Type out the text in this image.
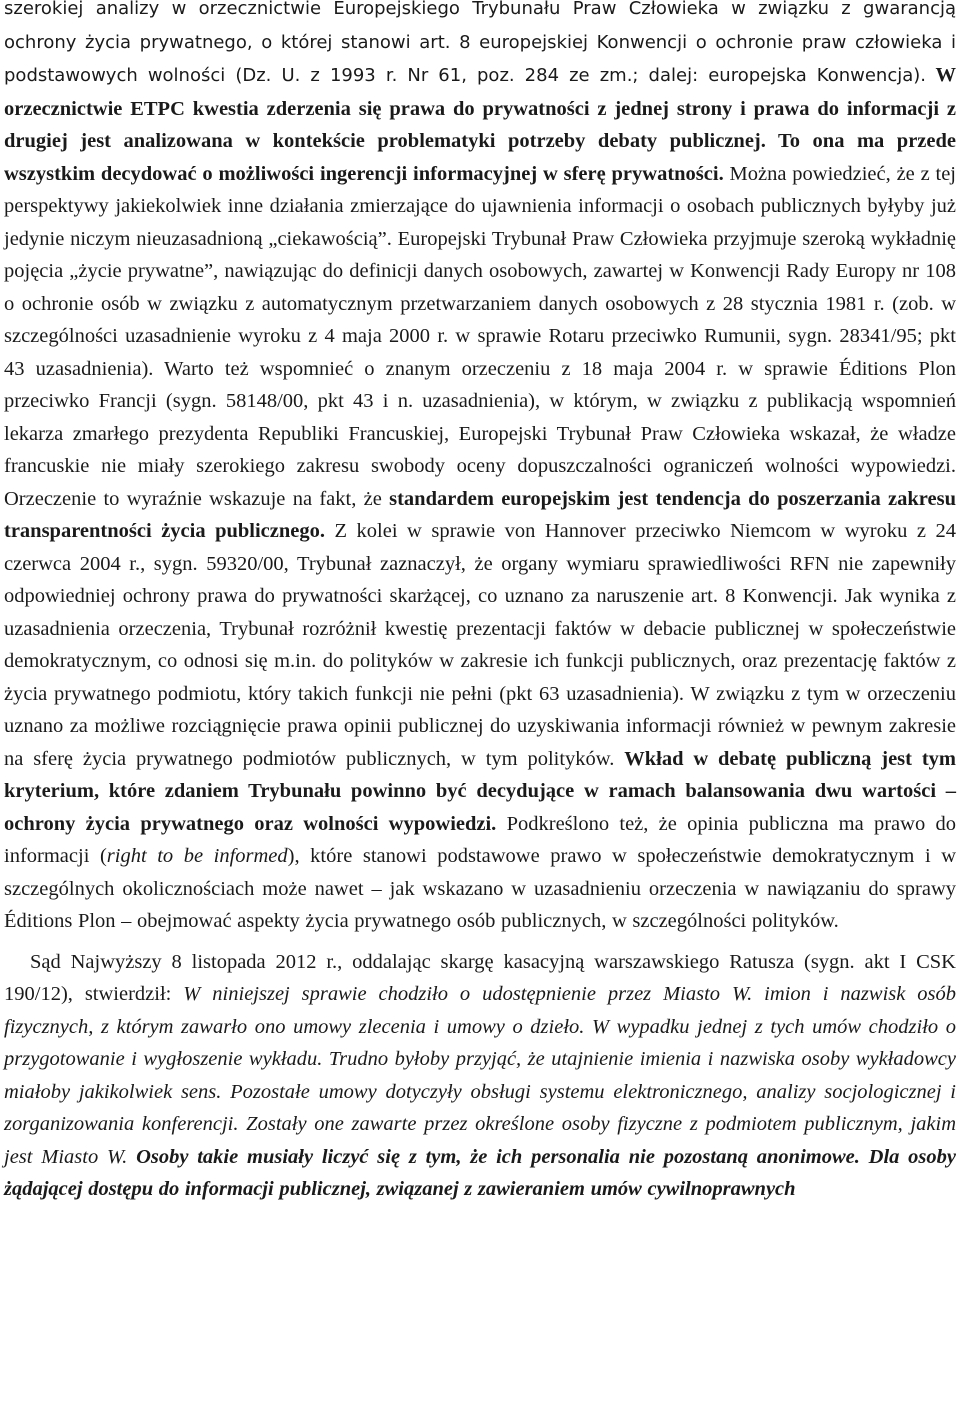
szerokiej analizy w orzecznictwie Europejskiego Trybunału Praw Człowieka w związku z gwarancją ochrony życia prywatnego, o której stanowi art. 8 europejskiej Konwencji o ochronie praw człowieka i podstawowych wolności (Dz. U. z 1993 r. Nr 61, poz. 284 ze zm.; dalej: europejska Konwencja). W orzecznictwie ETPC kwestia zderzenia się prawa do prywatności z jednej strony i prawa do informacji z drugiej jest analizowana w kontekście problematyki potrzeby debaty publicznej. To ona ma przede wszystkim decydować o możliwości ingerencji informacyjnej w sferę prywatności. Można powiedzieć, że z tej perspektywy jakiekolwiek inne działania zmierzające do ujawnienia informacji o osobach publicznych byłyby już jedynie niczym nieuzasadnioną „ciekawością”. Europejski Trybunał Praw Człowieka przyjmuje szeroką wykładnię pojęcia „życie prywatne”, nawiązując do definicji danych osobowych, zawartej w Konwencji Rady Europy nr 108 o ochronie osób w związku z automatycznym przetwarzaniem danych osobowych z 28 stycznia 1981 r. (zob. w szczególności uzasadnienie wyroku z 4 maja 2000 r. w sprawie Rotaru przeciwko Rumunii, sygn. 28341/95; pkt 43 uzasadnienia). Warto też wspomnieć o znanym orzeczeniu z 18 maja 2004 r. w sprawie Éditions Plon przeciwko Francji (sygn. 58148/00, pkt 43 i n. uzasadnienia), w którym, w związku z publikacją wspomnień lekarza zmarłego prezydenta Republiki Francuskiej, Europejski Trybunał Praw Człowieka wskazał, że władze francuskie nie miały szerokiego zakresu swobody oceny dopuszczalności ograniczeń wolności wypowiedzi. Orzeczenie to wyraźnie wskazuje na fakt, że standardem europejskim jest tendencja do poszerzania zakresu transparentności życia publicznego. Z kolei w sprawie von Hannover przeciwko Niemcom w wyroku z 24 czerwca 2004 r., sygn. 59320/00, Trybunał zaznaczył, że organy wymiaru sprawiedliwości RFN nie zapewniły odpowiedniej ochrony prawa do prywatności skarżącej, co uznano za naruszenie art. 8 Konwencji. Jak wynika z uzasadnienia orzeczenia, Trybunał rozróżnił kwestię prezentacji faktów w debacie publicznej w społeczeństwie demokratycznym, co odnosi się m.in. do polityków w zakresie ich funkcji publicznych, oraz prezentację faktów z życia prywatnego podmiotu, który takich funkcji nie pełni (pkt 63 uzasadnienia). W związku z tym w orzeczeniu uznano za możliwe rozciągnięcie prawa opinii publicznej do uzyskiwania informacji również w pewnym zakresie na sferę życia prywatnego podmiotów publicznych, w tym polityków. Wkład w debatę publiczną jest tym kryterium, które zdaniem Trybunału powinno być decydujące w ramach balansowania dwu wartości – ochrony życia prywatnego oraz wolności wypowiedzi. Podkreślono też, że opinia publiczna ma prawo do informacji (right to be informed), które stanowi podstawowe prawo w społeczeństwie demokratycznym i w szczególnych okolicznościach może nawet – jak wskazano w uzasadnieniu orzeczenia w nawiązaniu do sprawy Éditions Plon – obejmować aspekty życia prywatnego osób publicznych, w szczególności polityków.

Sąd Najwyższy 8 listopada 2012 r., oddalając skargę kasacyjną warszawskiego Ratusza (sygn. akt I CSK 190/12), stwierdził: W niniejszej sprawie chodziło o udostępnienie przez Miasto W. imion i nazwisk osób fizycznych, z którym zawarło ono umowy zlecenia i umowy o dzieło. W wypadku jednej z tych umów chodziło o przygotowanie i wygłoszenie wykładu. Trudno byłoby przyjąć, że utajnienie imienia i nazwiska osoby wykładowcy miałoby jakikolwiek sens. Pozostałe umowy dotyczyły obsługi systemu elektronicznego, analizy socjologicznej i zorganizowania konferencji. Zostały one zawarte przez określone osoby fizyczne z podmiotem publicznym, jakim jest Miasto W. Osoby takie musiały liczyć się z tym, że ich personalia nie pozostaną anonimowe. Dla osoby żądającej dostępu do informacji publicznej, związanej z zawieraniem umów cywilnoprawnych
